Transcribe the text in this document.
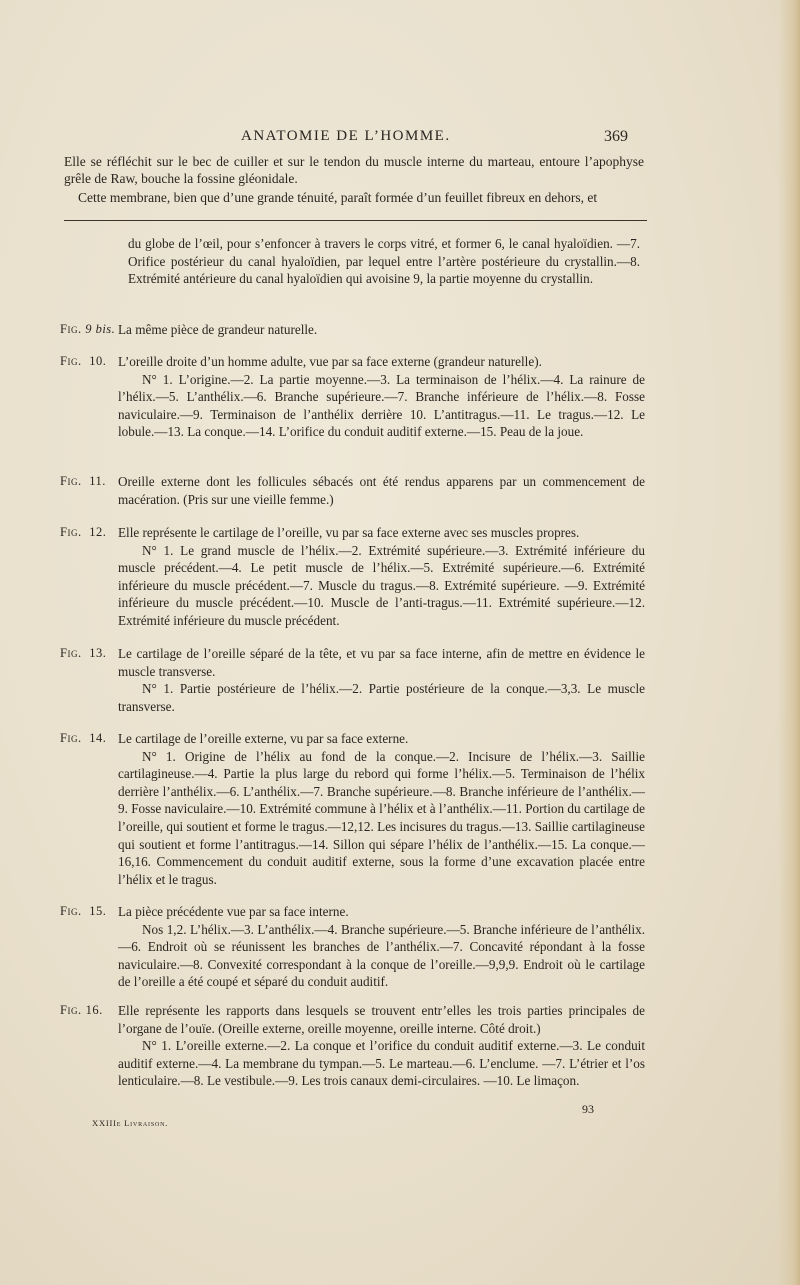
ANATOMIE DE L’HOMME.	369
Elle se réfléchit sur le bec de cuiller et sur le tendon du muscle interne du marteau, entoure l’apophyse grêle de Raw, bouche la fossine gléonidale.
Cette membrane, bien que d’une grande ténuité, paraît formée d’un feuillet fibreux en dehors, et
du globe de l’œil, pour s’enfoncer à travers le corps vitré, et former 6, le canal hyaloïdien. —7. Orifice postérieur du canal hyaloïdien, par lequel entre l’artère postérieure du crystallin.—8. Extrémité antérieure du canal hyaloïdien qui avoisine 9, la partie moyenne du crystallin.
Fig. 9 bis. La même pièce de grandeur naturelle.

Fig. 10. L’oreille droite d’un homme adulte, vue par sa face externe (grandeur naturelle).

N° 1. L’origine.—2. La partie moyenne.—3. La terminaison de l’hélix.—4. La rainure de l’hélix.—5. L’anthélix.—6. Branche supérieure.—7. Branche inférieure de l’hélix.—8. Fosse naviculaire.—9. Terminaison de l’anthélix derrière 10. L’antitragus.—11. Le tragus.—12. Le lobule.—13. La conque.—14. L’orifice du conduit auditif externe.—15. Peau de la joue.

Fig. 11. Oreille externe dont les follicules sébacés ont été rendus apparens par un commencement de macération. (Pris sur une vieille femme.)

Fig. 12. Elle représente le cartilage de l’oreille, vu par sa face externe avec ses muscles propres.

N° 1. Le grand muscle de l’hélix.—2. Extrémité supérieure.—3. Extrémité inférieure du muscle précédent.—4. Le petit muscle de l’hélix.—5. Extrémité supérieure.—6. Extrémité inférieure du muscle précédent.—7. Muscle du tragus.—8. Extrémité supérieure. —9. Extrémité inférieure du muscle précédent.—10. Muscle de l’anti-tragus.—11. Extrémité supérieure.—12. Extrémité inférieure du muscle précédent.

Fig. 13. Le cartilage de l’oreille séparé de la tête, et vu par sa face interne, afin de mettre en évidence le muscle transverse.

N° 1. Partie postérieure de l’hélix.—2. Partie postérieure de la conque.—3,3. Le muscle transverse.

Fig. 14. Le cartilage de l’oreille externe, vu par sa face externe.

N° 1. Origine de l’hélix au fond de la conque.—2. Incisure de l’hélix.—3. Saillie cartilagineuse.—4. Partie la plus large du rebord qui forme l’hélix.—5. Terminaison de l’hélix derrière l’anthélix.—6. L’anthélix.—7. Branche supérieure.—8. Branche inférieure de l’anthélix.—9. Fosse naviculaire.—10. Extrémité commune à l’hélix et à l’anthélix.—11. Portion du cartilage de l’oreille, qui soutient et forme le tragus.—12,12. Les incisures du tragus.—13. Saillie cartilagineuse qui soutient et forme l’antitragus.—14. Sillon qui sépare l’hélix de l’anthélix.—15. La conque.—16,16. Commencement du conduit auditif externe, sous la forme d’une excavation placée entre l’hélix et le tragus.

Fig. 15. La pièce précédente vue par sa face interne.

Nos 1,2. L’hélix.—3. L’anthélix.—4. Branche supérieure.—5. Branche inférieure de l’anthélix.—6. Endroit où se réunissent les branches de l’anthélix.—7. Concavité répondant à la fosse naviculaire.—8. Convexité correspondant à la conque de l’oreille.—9,9,9. Endroit où le cartilage de l’oreille a été coupé et séparé du conduit auditif.

Fig. 16. Elle représente les rapports dans lesquels se trouvent entr’elles les trois parties principales de l’organe de l’ouïe. (Oreille externe, oreille moyenne, oreille interne. Côté droit.)

N° 1. L’oreille externe.—2. La conque et l’orifice du conduit auditif externe.—3. Le conduit auditif externe.—4. La membrane du tympan.—5. Le marteau.—6. L’enclume. —7. L’étrier et l’os lenticulaire.—8. Le vestibule.—9. Les trois canaux demi-circulaires. —10. Le limaçon.

XXIIIe Livraison.
93
